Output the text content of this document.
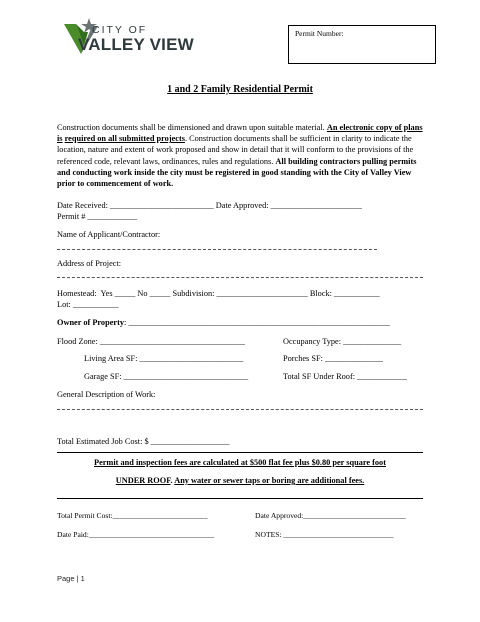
CITY OF
VALLEY VIEW
Permit Number:
1 and 2 Family Residential Permit
Construction documents shall be dimensioned and drawn upon suitable material. An electronic copy of plans is required on all submitted projects. Construction documents shall be sufficient in clarity to indicate the location, nature and extent of work proposed and show in detail that it will conform to the provisions of the referenced code, relevant laws, ordinances, rules and regulations. All building contractors pulling permits and conducting work inside the city must be registered in good standing with the City of Valley View prior to commencement of work.
Date Received: _________________________ Date Approved: ______________________
Permit # ____________
Name of Applicant/Contractor:
Address of Project:
Homestead:  Yes _____ No _____ Subdivision: ______________________ Block: ___________
Lot: ___________
Owner of Property: _______________________________________________________________
Flood Zone: ___________________________________	Occupancy Type: ______________
Living Area SF: _________________________	Porches SF: ______________
Garage SF: ______________________________	Total SF Under Roof: ____________
General Description of Work:
Total Estimated Job Cost: $ ___________________
Permit and inspection fees are calculated at $500 flat fee plus $0.80 per square foot
UNDER ROOF. Any water or sewer taps or boring are additional fees.
Total Permit Cost:_________________________	Date Approved:___________________________
Date Paid:_________________________________	NOTES: _____________________________
Page | 1
